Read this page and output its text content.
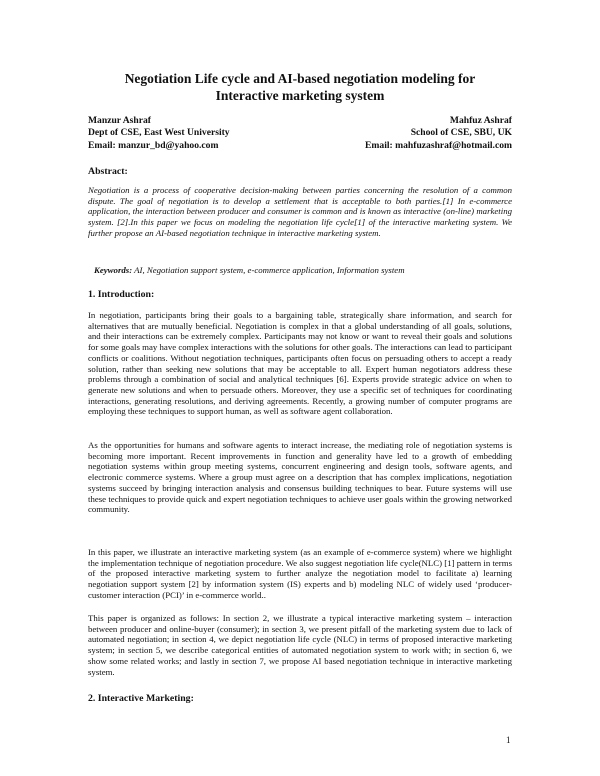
Negotiation Life cycle and AI-based negotiation modeling for
Interactive marketing system
Manzur Ashraf	Mahfuz Ashraf
Dept of CSE, East West University	School of CSE, SBU, UK
Email: manzur_bd@yahoo.com	Email: mahfuzashraf@hotmail.com
Abstract:
Negotiation is a process of cooperative decision-making between parties concerning the resolution of a common dispute. The goal of negotiation is to develop a settlement that is acceptable to both parties.[1] In e-commerce application, the interaction between producer and consumer is common and is known as interactive (on-line) marketing system. [2].In this paper we focus on modeling the negotiation life cycle[1] of the interactive marketing system. We further propose an AI-based negotiation technique in interactive marketing system.
Keywords: AI, Negotiation support system, e-commerce application, Information system
1. Introduction:
In negotiation, participants bring their goals to a bargaining table, strategically share information, and search for alternatives that are mutually beneficial. Negotiation is complex in that a global understanding of all goals, solutions, and their interactions can be extremely complex. Participants may not know or want to reveal their goals and solutions for some goals may have complex interactions with the solutions for other goals. The interactions can lead to participant conflicts or coalitions. Without negotiation techniques, participants often focus on persuading others to accept a ready solution, rather than seeking new solutions that may be acceptable to all. Expert human negotiators address these problems through a combination of social and analytical techniques [6]. Experts provide strategic advice on when to generate new solutions and when to persuade others. Moreover, they use a specific set of techniques for coordinating interactions, generating resolutions, and deriving agreements. Recently, a growing number of computer programs are employing these techniques to support human, as well as software agent collaboration.
As the opportunities for humans and software agents to interact increase, the mediating role of negotiation systems is becoming more important. Recent improvements in function and generality have led to a growth of embedding negotiation systems within group meeting systems, concurrent engineering and design tools, software agents, and electronic commerce systems. Where a group must agree on a description that has complex implications, negotiation systems succeed by bringing interaction analysis and consensus building techniques to bear. Future systems will use these techniques to provide quick and expert negotiation techniques to achieve user goals within the growing networked community.
In this paper, we illustrate an interactive marketing system (as an example of e-commerce system) where we highlight the implementation technique of negotiation procedure. We also suggest negotiation life cycle(NLC) [1] pattern in terms of the proposed interactive marketing system to further analyze the negotiation model to facilitate a) learning negotiation support system [2] by information system (IS) experts and b) modeling NLC of widely used ‘producer-customer interaction (PCI)’ in e-commerce world..
This paper is organized as follows: In section 2, we illustrate a typical interactive marketing system – interaction between producer and online-buyer (consumer); in section 3, we present pitfall of the marketing system due to lack of automated negotiation; in section 4, we depict negotiation life cycle (NLC) in terms of proposed interactive marketing system; in section 5, we describe categorical entities of automated negotiation system to work with; in section 6, we show some related works; and lastly in section 7, we propose AI based negotiation technique in interactive marketing system.
2. Interactive Marketing:
1
